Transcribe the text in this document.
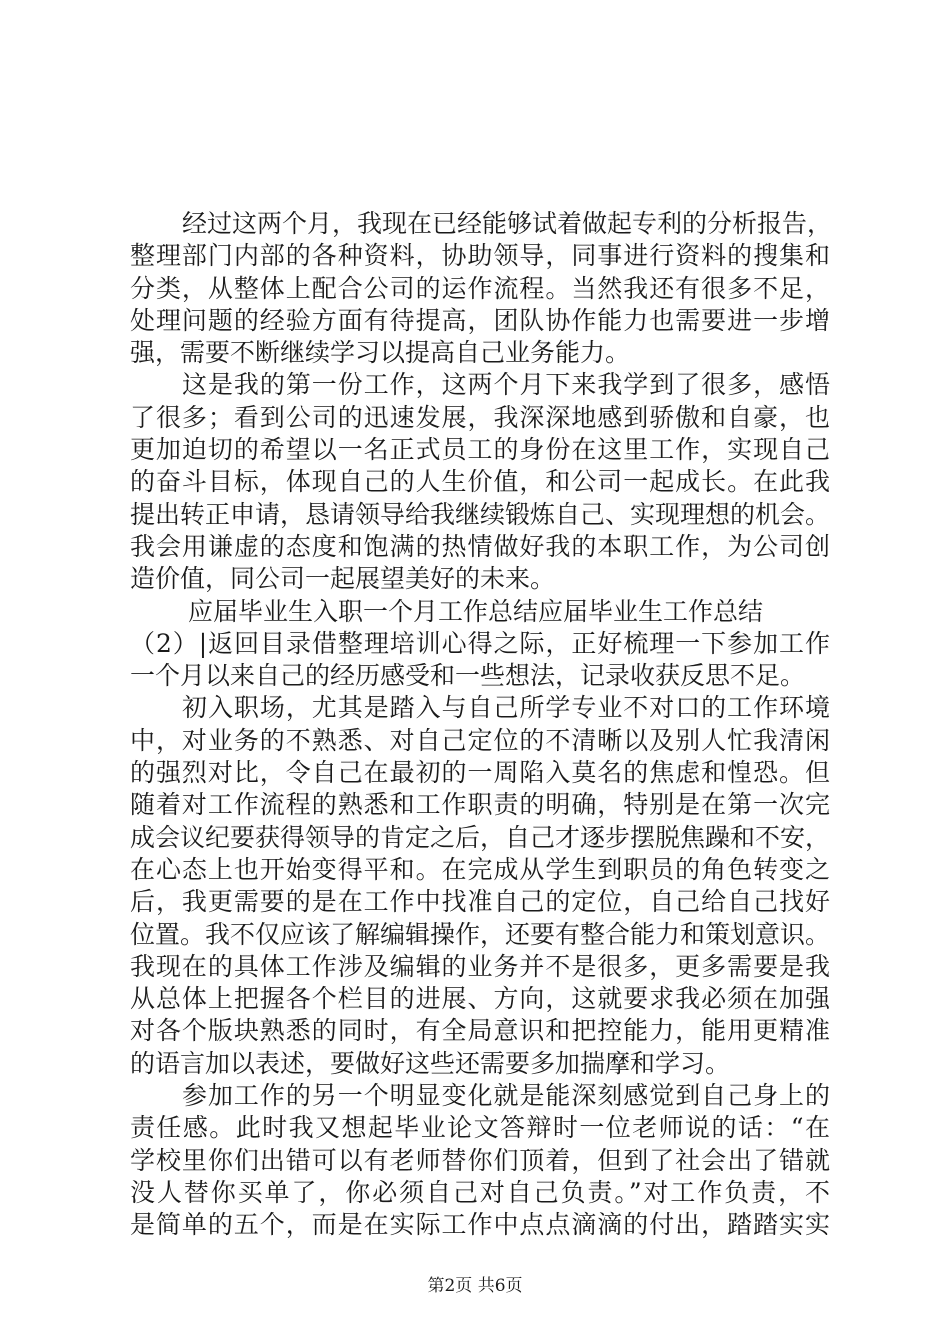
经过这两个月，我现在已经能够试着做起专利的分析报告，
整理部门内部的各种资料，协助领导，同事进行资料的搜集和
分类，从整体上配合公司的运作流程。当然我还有很多不足，
处理问题的经验方面有待提高，团队协作能力也需要进一步增
强，需要不断继续学习以提高自己业务能力。
这是我的第一份工作，这两个月下来我学到了很多，感悟
了很多；看到公司的迅速发展，我深深地感到骄傲和自豪，也
更加迫切的希望以一名正式员工的身份在这里工作，实现自己
的奋斗目标，体现自己的人生价值，和公司一起成长。在此我
提出转正申请，恳请领导给我继续锻炼自己、实现理想的机会。
我会用谦虚的态度和饱满的热情做好我的本职工作，为公司创
造价值，同公司一起展望美好的未来。
应届毕业生入职一个月工作总结应届毕业生工作总结
（2）|返回目录借整理培训心得之际，正好梳理一下参加工作
一个月以来自己的经历感受和一些想法，记录收获反思不足。
初入职场，尤其是踏入与自己所学专业不对口的工作环境
中，对业务的不熟悉、对自己定位的不清晰以及别人忙我清闲
的强烈对比，令自己在最初的一周陷入莫名的焦虑和惶恐。但
随着对工作流程的熟悉和工作职责的明确，特别是在第一次完
成会议纪要获得领导的肯定之后，自己才逐步摆脱焦躁和不安，
在心态上也开始变得平和。在完成从学生到职员的角色转变之
后，我更需要的是在工作中找准自己的定位，自己给自己找好
位置。我不仅应该了解编辑操作，还要有整合能力和策划意识。
我现在的具体工作涉及编辑的业务并不是很多，更多需要是我
从总体上把握各个栏目的进展、方向，这就要求我必须在加强
对各个版块熟悉的同时，有全局意识和把控能力，能用更精准
的语言加以表述，要做好这些还需要多加揣摩和学习。
参加工作的另一个明显变化就是能深刻感觉到自己身上的
责任感。此时我又想起毕业论文答辩时一位老师说的话：“在
学校里你们出错可以有老师替你们顶着，但到了社会出了错就
没人替你买单了，你必须自己对自己负责。”对工作负责，不
是简单的五个，而是在实际工作中点点滴滴的付出，踏踏实实
第2页 共6页
